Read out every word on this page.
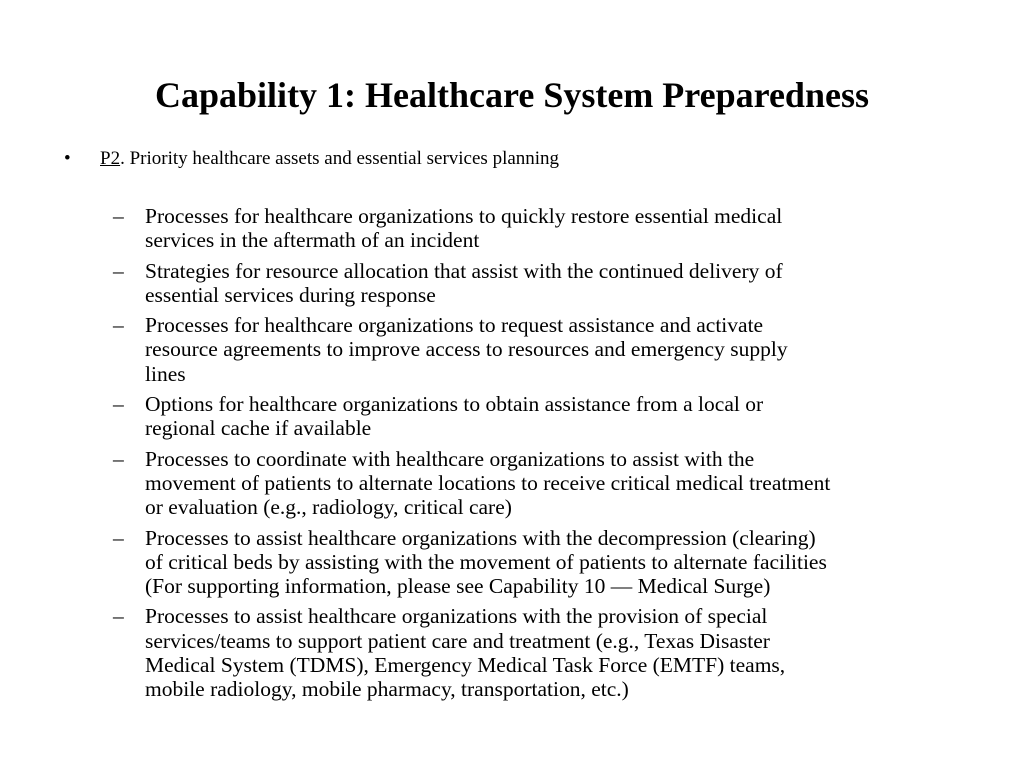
Capability 1: Healthcare System Preparedness
• P2. Priority healthcare assets and essential services planning
– Processes for healthcare organizations to quickly restore essential medical
services in the aftermath of an incident
– Strategies for resource allocation that assist with the continued delivery of
essential services during response
– Processes for healthcare organizations to request assistance and activate
resource agreements to improve access to resources and emergency supply
lines
– Options for healthcare organizations to obtain assistance from a local or
regional cache if available
– Processes to coordinate with healthcare organizations to assist with the
movement of patients to alternate locations to receive critical medical treatment
or evaluation (e.g., radiology, critical care)
– Processes to assist healthcare organizations with the decompression (clearing)
of critical beds by assisting with the movement of patients to alternate facilities
(For supporting information, please see Capability 10 — Medical Surge)
– Processes to assist healthcare organizations with the provision of special
services/teams to support patient care and treatment (e.g., Texas Disaster
Medical System (TDMS), Emergency Medical Task Force (EMTF) teams,
mobile radiology, mobile pharmacy, transportation, etc.)
